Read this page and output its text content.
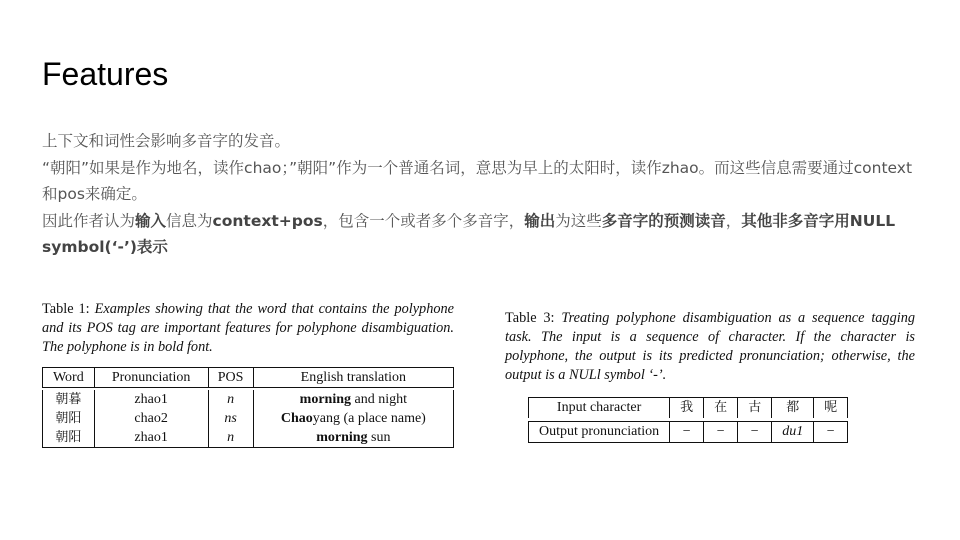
Features

上下文和词性会影响多音字的发音。

“朝阳”如果是作为地名，读作chao；”朝阳”作为一个普通名词，意思为早上的太阳时，读作zhao。而这些信息需要通过context和pos来确定。

因此作者认为输入信息为context+pos，包含一个或者多个多音字，输出为这些多音字的预测读音，其他非多音字用NULL symbol(‘-’)表示

Table 1: Examples showing that the word that contains the polyphone and its POS tag are important features for polyphone disambiguation. The polyphone is in bold font.
Word	Pronunciation	POS	English translation

朝暮	zhao1	n	morning and night
朝阳	chao2	ns	Chaoyang (a place name)
朝阳	zhao1	n	morning sun
Table 3: Treating polyphone disambiguation as a sequence tagging task. The input is a sequence of character. If the character is polyphone, the output is its predicted pronunciation; otherwise, the output is a NULl symbol ‘-’.
Input character	我	在	古	都	呢

Output pronunciation	−	−	−	du1	−
